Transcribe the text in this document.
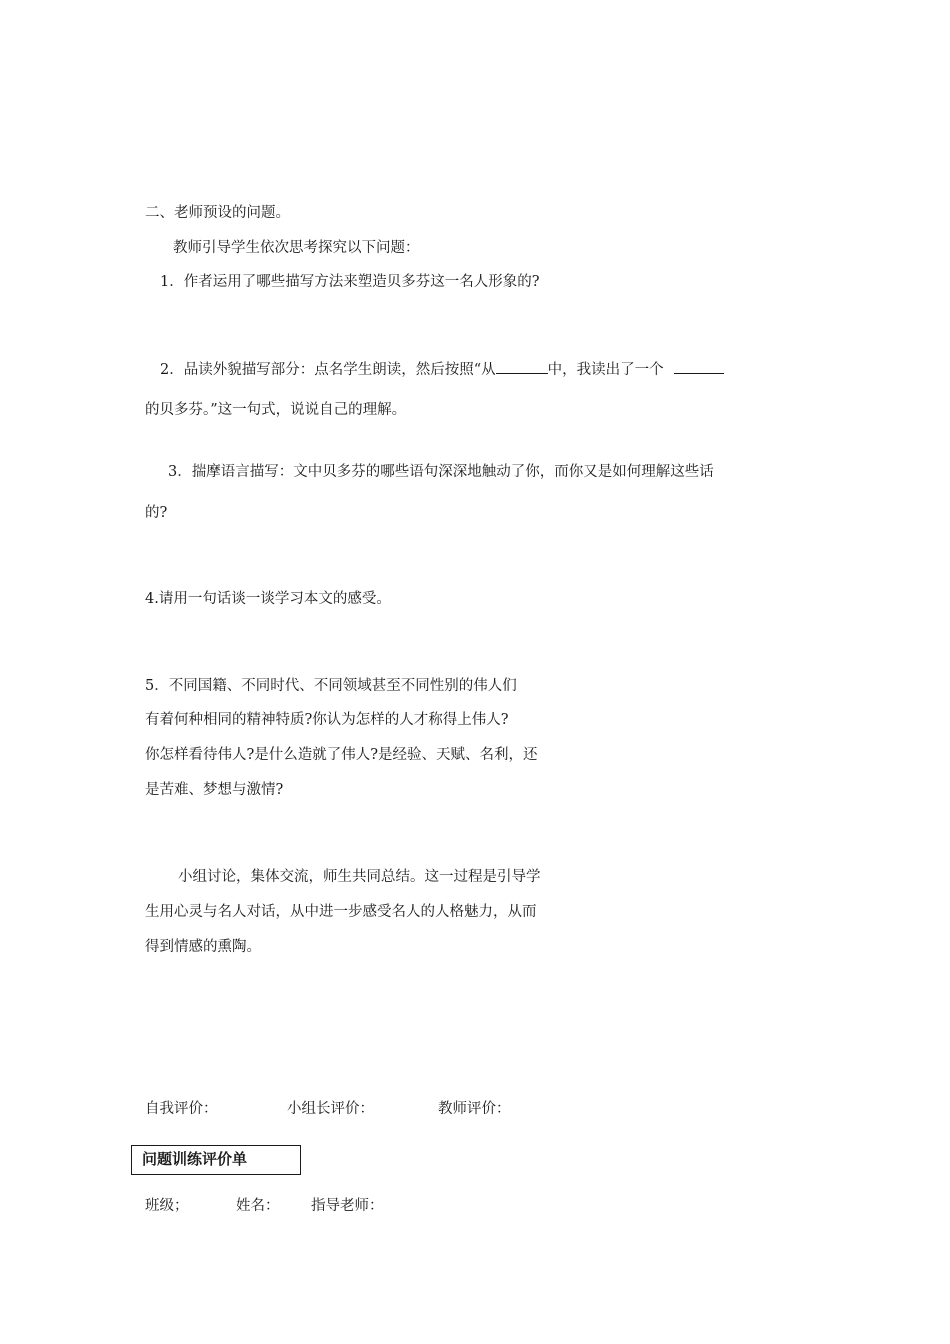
二、老师预设的问题。
教师引导学生依次思考探究以下问题：
1．作者运用了哪些描写方法来塑造贝多芬这一名人形象的?
2．品读外貌描写部分：点名学生朗读，然后按照“从	中，我读出了一个
的贝多芬。”这一句式，说说自己的理解。
3．揣摩语言描写：文中贝多芬的哪些语句深深地触动了你，而你又是如何理解这些话
的?
4.请用一句话谈一谈学习本文的感受。
5．不同国籍、不同时代、不同领域甚至不同性别的伟人们
有着何种相同的精神特质?你认为怎样的人才称得上伟人?
你怎样看待伟人?是什么造就了伟人?是经验、天赋、名利，还
是苦难、梦想与激情?
小组讨论，集体交流，师生共同总结。这一过程是引导学
生用心灵与名人对话，从中进一步感受名人的人格魅力，从而
得到情感的熏陶。
自我评价：	小组长评价：	教师评价：
问题训练评价单
班级；	姓名： 指导老师：
